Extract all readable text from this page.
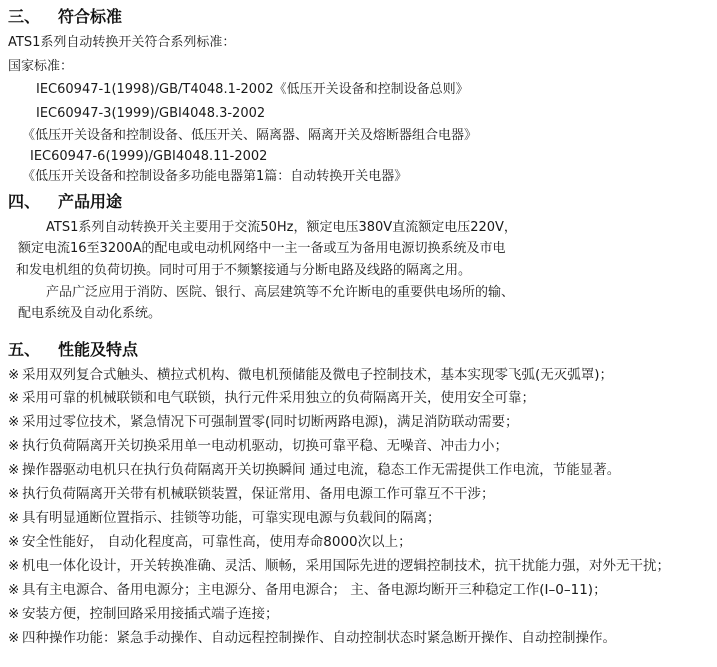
三、 符合标准
ATS1系列自动转换开关符合系列标准：
国家标准：
IEC60947-1(1998)/GB/T4048.1-2002《低压开关设备和控制设备总则》
IEC60947-3(1999)/GBI4048.3-2002
《低压开关设备和控制设备、低压开关、隔离器、隔离开关及熔断器组合电器》
IEC60947-6(1999)/GBI4048.11-2002
《低压开关设备和控制设备多功能电器第1篇：自动转换开关电器》
四、 产品用途
ATS1系列自动转换开关主要用于交流50Hz，额定电压380V直流额定电压220V，
额定电流16至3200A的配电或电动机网络中一主一备或互为备用电源切换系统及市电
和发电机组的负荷切换。同时可用于不频繁接通与分断电路及线路的隔离之用。
产品广泛应用于消防、医院、银行、高层建筑等不允许断电的重要供电场所的输、
配电系统及自动化系统。
五、 性能及特点
※ 采用双列复合式触头、横拉式机构、微电机预储能及微电子控制技术，基本实现零飞弧(无灭弧罩)；
※ 采用可靠的机械联锁和电气联锁，执行元件采用独立的负荷隔离开关，使用安全可靠；
※ 采用过零位技术，紧急情况下可强制置零(同时切断两路电源)，满足消防联动需要；
※ 执行负荷隔离开关切换采用单一电动机驱动，切换可靠平稳、无噪音、冲击力小；
※ 操作器驱动电机只在执行负荷隔离开关切换瞬间 通过电流，稳态工作无需提供工作电流，节能显著。
※ 执行负荷隔离开关带有机械联锁装置，保证常用、备用电源工作可靠互不干涉；
※ 具有明显通断位置指示、挂锁等功能，可靠实现电源与负载间的隔离；
※ 安全性能好， 自动化程度高，可靠性高，使用寿命8000次以上；
※ 机电一体化设计，开关转换准确、灵活、顺畅，采用国际先进的逻辑控制技术，抗干扰能力强，对外无干扰；
※ 具有主电源合、备用电源分；主电源分、备用电源合； 主、备电源均断开三种稳定工作(I–0–11)；
※ 安装方便，控制回路采用接插式端子连接；
※ 四种操作功能：紧急手动操作、自动远程控制操作、自动控制状态时紧急断开操作、自动控制操作。
